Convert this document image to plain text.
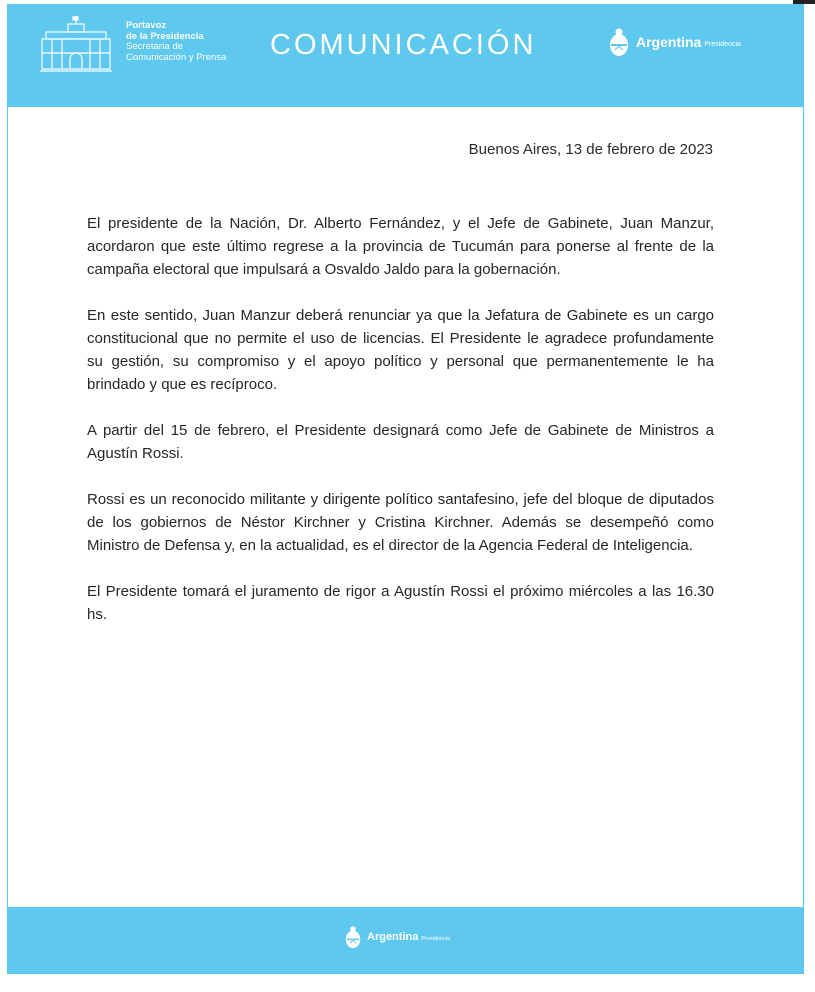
Portavoz
de la Presidencia
Secretaría de
Comunicación y Prensa COMUNICACIÓN	Argentina Presidencia
Buenos Aires, 13 de febrero de 2023

El presidente de la Nación, Dr. Alberto Fernández, y el Jefe de Gabinete, Juan Manzur, acordaron que este último regrese a la provincia de Tucumán para ponerse al frente de la campaña electoral que impulsará a Osvaldo Jaldo para la gobernación.

En este sentido, Juan Manzur deberá renunciar ya que la Jefatura de Gabinete es un cargo constitucional que no permite el uso de licencias. El Presidente le agradece profundamente su gestión, su compromiso y el apoyo político y personal que permanentemente le ha brindado y que es recíproco.

A partir del 15 de febrero, el Presidente designará como Jefe de Gabinete de Ministros a Agustín Rossi.

Rossi es un reconocido militante y dirigente político santafesino, jefe del bloque de diputados de los gobiernos de Néstor Kirchner y Cristina Kirchner. Además se desempeñó como Ministro de Defensa y, en la actualidad, es el director de la Agencia Federal de Inteligencia.

El Presidente tomará el juramento de rigor a Agustín Rossi el próximo miércoles a las 16.30 hs.

Argentina Presidencia
